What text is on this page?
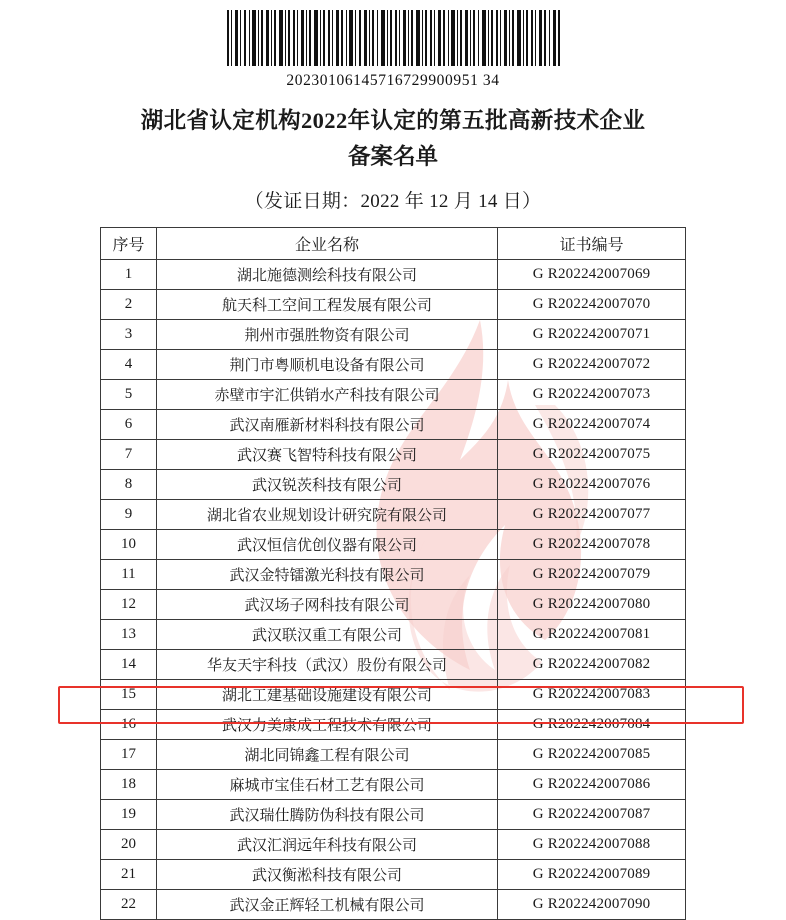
20230106145716729900951 34
湖北省认定机构2022年认定的第五批高新技术企业
备案名单
（发证日期：2022 年 12 月 14 日）
序号	企业名称	证书编号
1	湖北施德测绘科技有限公司	G R202242007069
2	航天科工空间工程发展有限公司	G R202242007070
3	荆州市强胜物资有限公司	G R202242007071
4	荆门市粤顺机电设备有限公司	G R202242007072
5	赤壁市宇汇供销水产科技有限公司	G R202242007073
6	武汉南雁新材料科技有限公司	G R202242007074
7	武汉赛飞智特科技有限公司	G R202242007075
8	武汉锐茨科技有限公司	G R202242007076
9	湖北省农业规划设计研究院有限公司	G R202242007077
10	武汉恒信优创仪器有限公司	G R202242007078
11	武汉金特镭激光科技有限公司	G R202242007079
12	武汉场子网科技有限公司	G R202242007080
13	武汉联汉重工有限公司	G R202242007081
14	华友天宇科技（武汉）股份有限公司	G R202242007082
15	湖北工建基础设施建设有限公司	G R202242007083
16	武汉力美康成工程技术有限公司	G R202242007084
17	湖北同锦鑫工程有限公司	G R202242007085
18	麻城市宝佳石材工艺有限公司	G R202242007086
19	武汉瑞仕腾防伪科技有限公司	G R202242007087
20	武汉汇润远年科技有限公司	G R202242007088
21	武汉衡淞科技有限公司	G R202242007089
22	武汉金正辉轻工机械有限公司	G R202242007090
